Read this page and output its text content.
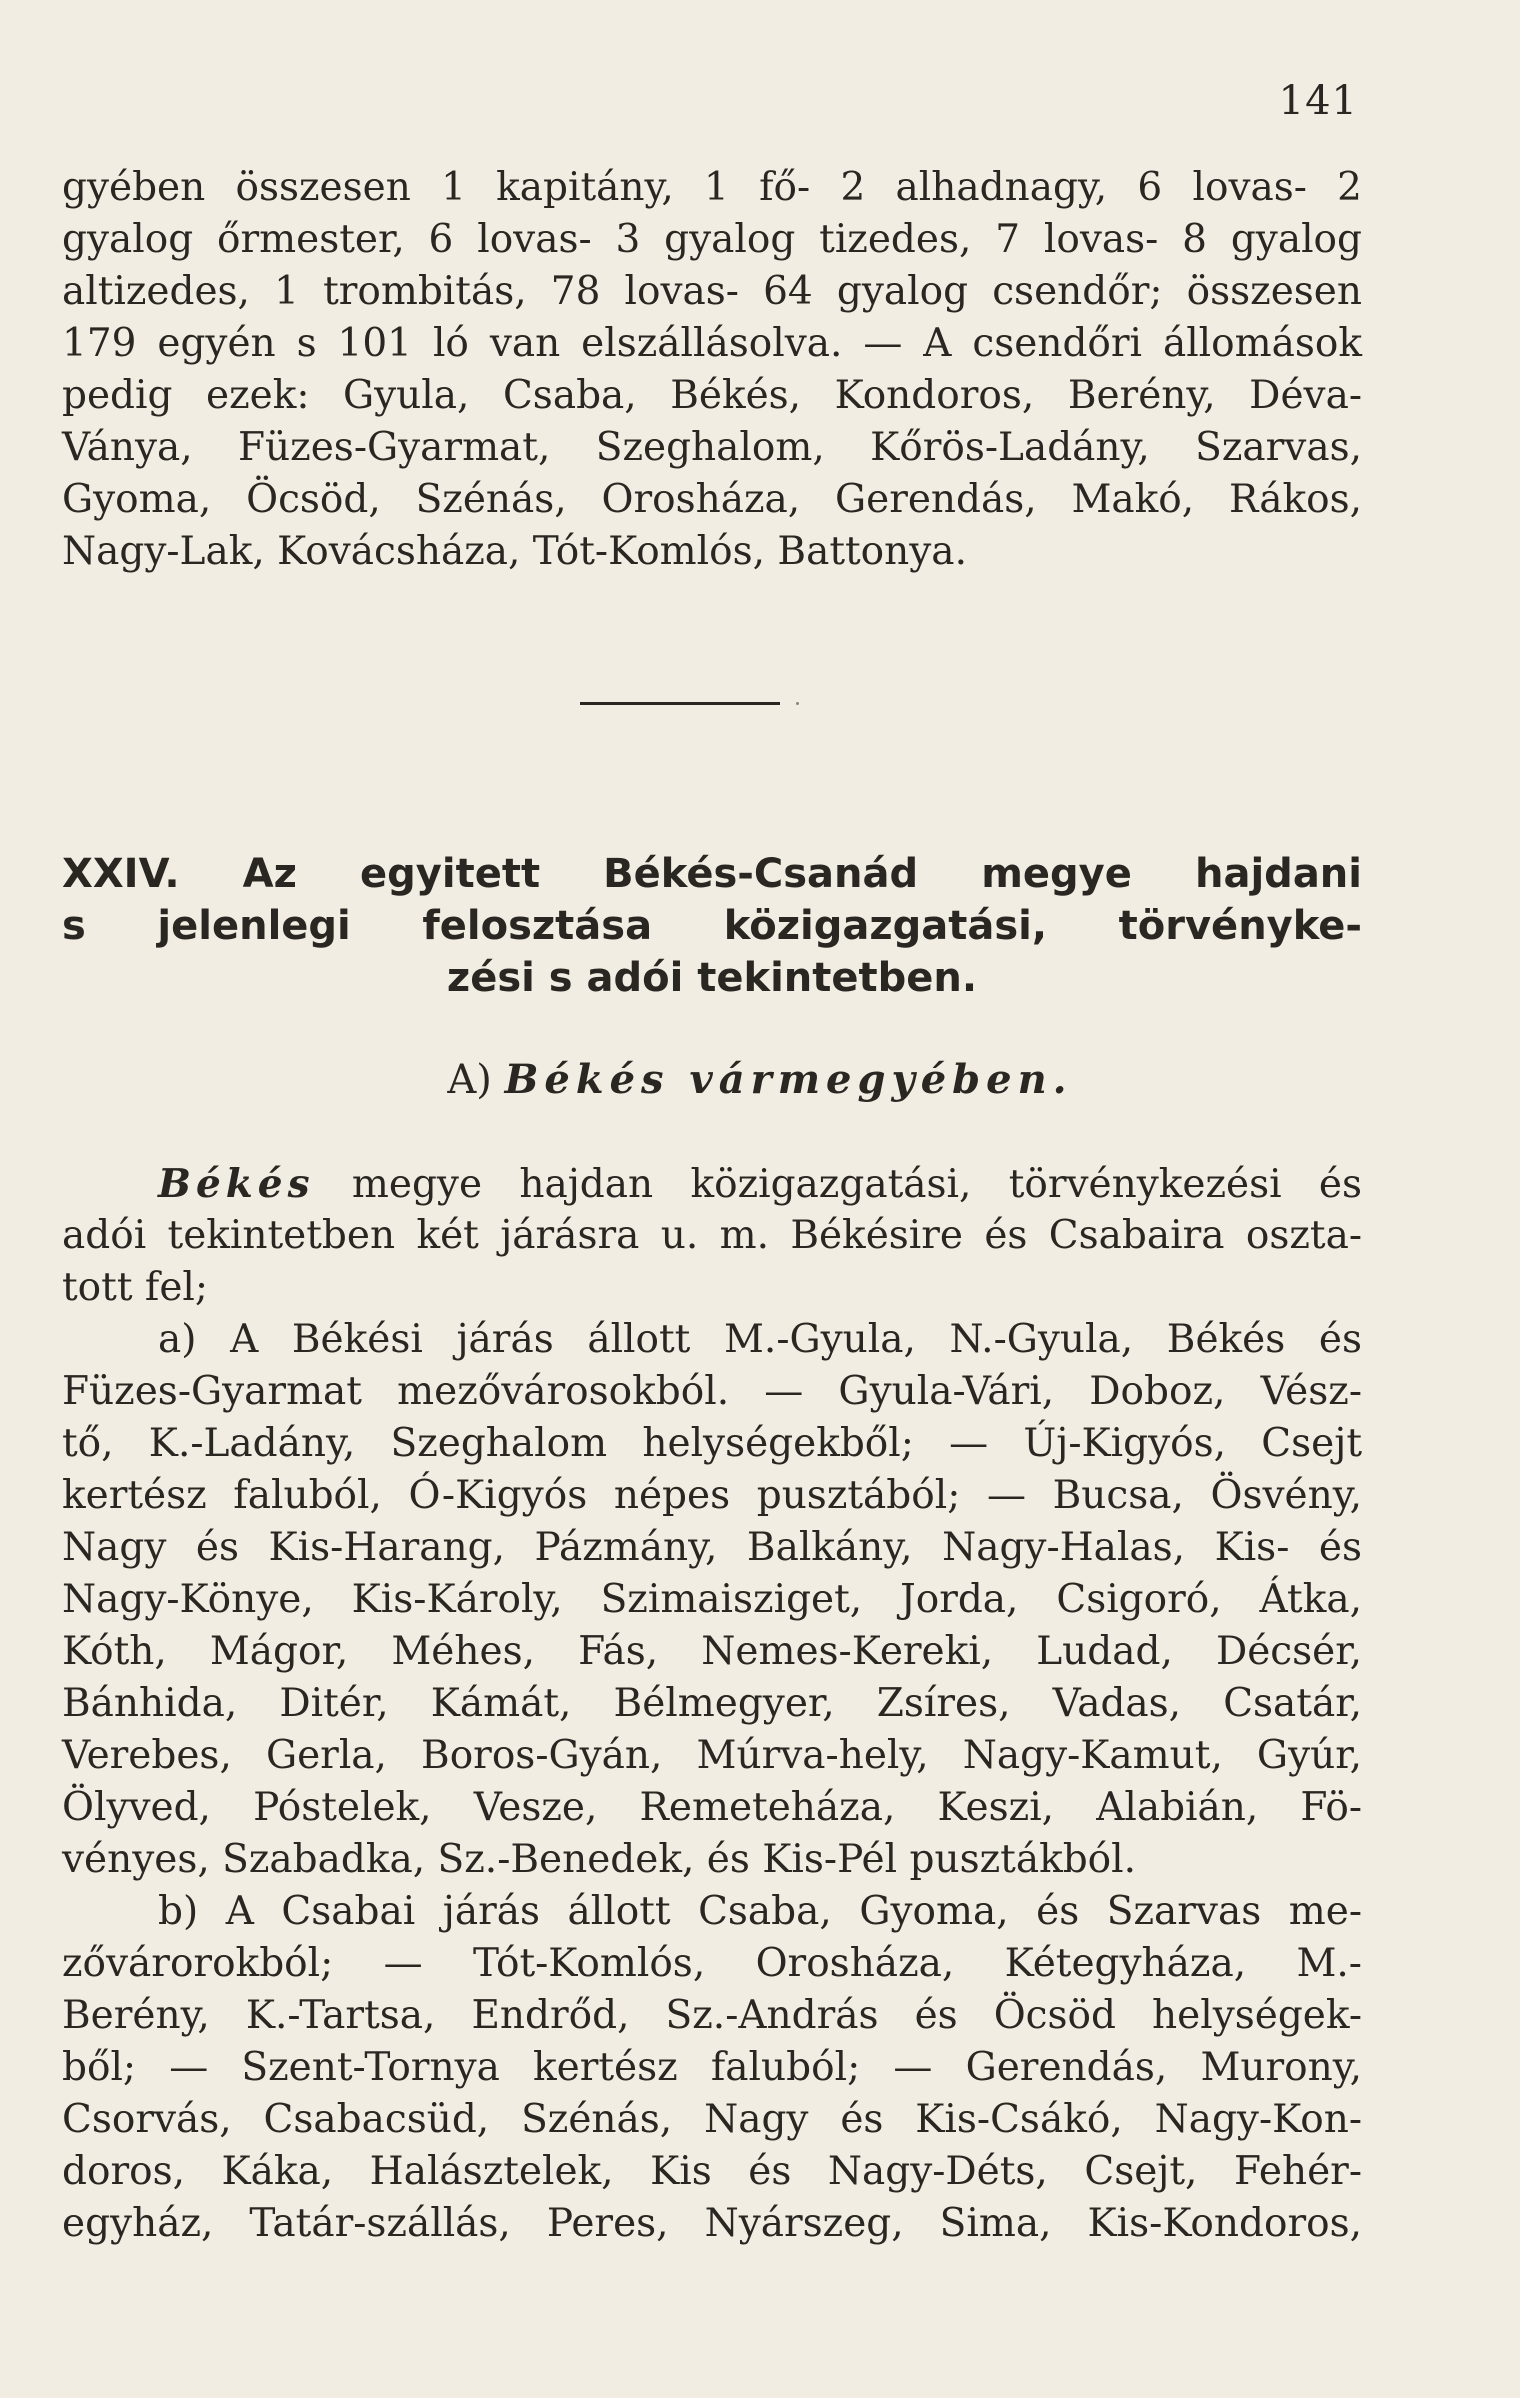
141
gyében összesen 1 kapitány, 1 fő- 2 alhadnagy, 6 lovas- 2
gyalog őrmester, 6 lovas- 3 gyalog tizedes, 7 lovas- 8 gyalog
altizedes, 1 trombitás, 78 lovas- 64 gyalog csendőr; összesen
179 egyén s 101 ló van elszállásolva. — A csendőri állomások
pedig ezek: Gyula, Csaba, Békés, Kondoros, Berény, Déva-
Ványa, Füzes-Gyarmat, Szeghalom, Kőrös-Ladány, Szarvas,
Gyoma, Öcsöd, Szénás, Orosháza, Gerendás, Makó, Rákos,
Nagy-Lak, Kovácsháza, Tót-Komlós, Battonya.
XXIV. Az egyitett Békés-Csanád megye hajdani
s jelenlegi felosztása közigazgatási, törvényke-
zési s adói tekintetben.
A) Békés vármegyében.
Békés megye hajdan közigazgatási, törvénykezési és
adói tekintetben két járásra u. m. Békésire és Csabaira oszta-
tott fel;
a) A Békési járás állott M.-Gyula, N.-Gyula, Békés és
Füzes-Gyarmat mezővárosokból. — Gyula-Vári, Doboz, Vész-
tő, K.-Ladány, Szeghalom helységekből; — Új-Kigyós, Csejt
kertész faluból, Ó-Kigyós népes pusztából; — Bucsa, Ösvény,
Nagy és Kis-Harang, Pázmány, Balkány, Nagy-Halas, Kis- és
Nagy-Könye, Kis-Károly, Szimaisziget, Jorda, Csigoró, Átka,
Kóth, Mágor, Méhes, Fás, Nemes-Kereki, Ludad, Décsér,
Bánhida, Ditér, Kámát, Bélmegyer, Zsíres, Vadas, Csatár,
Verebes, Gerla, Boros-Gyán, Múrva-hely, Nagy-Kamut, Gyúr,
Ölyved, Póstelek, Vesze, Remeteháza, Keszi, Alabián, Fö-
vényes, Szabadka, Sz.-Benedek, és Kis-Pél pusztákból.
b) A Csabai járás állott Csaba, Gyoma, és Szarvas me-
zővárorokból; — Tót-Komlós, Orosháza, Kétegyháza, M.-
Berény, K.-Tartsa, Endrőd, Sz.-András és Öcsöd helységek-
ből; — Szent-Tornya kertész faluból; — Gerendás, Murony,
Csorvás, Csabacsüd, Szénás, Nagy és Kis-Csákó, Nagy-Kon-
doros, Káka, Halásztelek, Kis és Nagy-Déts, Csejt, Fehér-
egyház, Tatár-szállás, Peres, Nyárszeg, Sima, Kis-Kondoros,
